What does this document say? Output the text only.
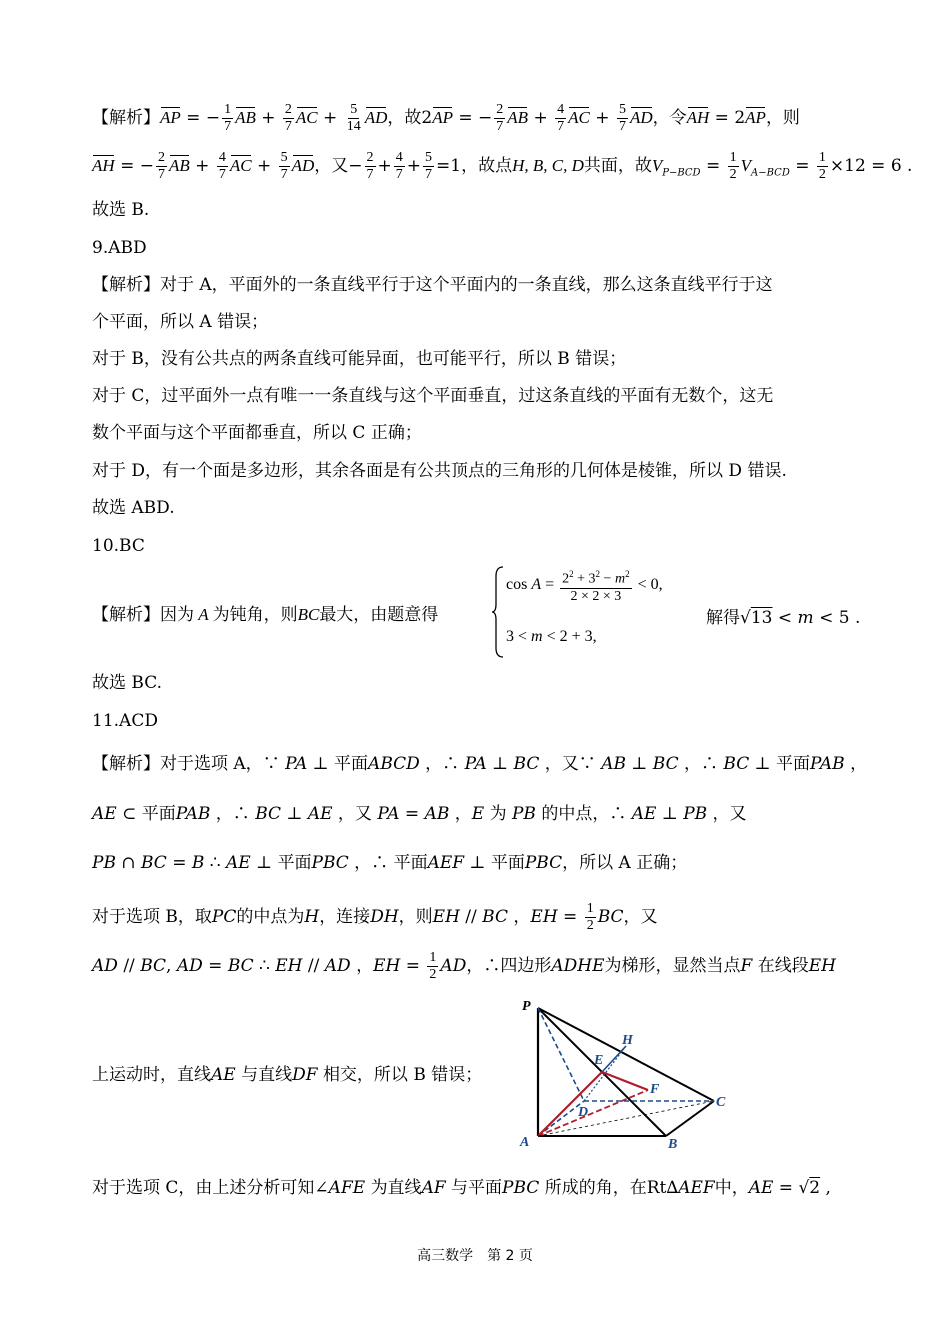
【解析】AP = − $\frac{1}{7}$ AB + $\frac{2}{7}$ AC + $\frac{5}{14}$ AD，故2AP = − $\frac{2}{7}$ AB + $\frac{4}{7}$ AC + $\frac{5}{7}$ AD，令AH = 2AP，则
AH = − $\frac{2}{7}$ AB + $\frac{4}{7}$ AC + $\frac{5}{7}$ AD，又− $\frac{2}{7} + \frac{4}{7} + \frac{5}{7} =1$，故点H, B, C, D共面，故$V_{P-BCD} = \frac{1}{2} V_{A-BCD} = \frac{1}{2} \times 12 = 6$ .
故选 B.
9.ABD
【解析】对于 A，平面外的一条直线平行于这个平面内的一条直线，那么这条直线平行于这
个平面，所以 A 错误；
对于 B，没有公共点的两条直线可能异面，也可能平行，所以 B 错误；
对于 C，过平面外一点有唯一一条直线与这个平面垂直，过这条直线的平面有无数个，这无
数个平面与这个平面都垂直，所以 C 正确；
对于 D，有一个面是多边形，其余各面是有公共顶点的三角形的几何体是棱锥，所以 D 错误.
故选 ABD.
10.BC
【解析】因为 A 为钝角，则BC最大，由题意得
$\cos A = \frac{2^2 + 3^2 - m^2}{2 \times 2 \times 3} < 0$,
3 < m < 2 + 3,
解得√13 < m < 5 .
故选 BC.
11.ACD
【解析】对于选项 A，∵ PA ⊥ 平面ABCD ，∴ PA ⊥ BC ，又∵ AB ⊥ BC ，∴ BC ⊥ 平面PAB ，
AE ⊂ 平面PAB ，∴ BC ⊥ AE ，又 PA = AB ，E 为 PB 的中点，∴ AE ⊥ PB ，又
PB ∩ BC = B ∴ AE ⊥ 平面PBC ，∴ 平面AEF ⊥ 平面PBC，所以 A 正确；
对于选项 B，取PC的中点为H，连接DH，则EH // BC ，EH = $\frac{1}{2}$ BC，又
AD // BC, AD = BC ∴ EH // AD ，EH = $\frac{1}{2}$ AD，∴四边形ADHE为梯形，显然当点F 在线段EH
上运动时，直线AE 与直线DF 相交，所以 B 错误；
P
H
E
F
D
C
A	B
对于选项 C，由上述分析可知∠AFE 为直线AF 与平面PBC 所成的角，在Rt∆AEF中，AE = √2 ,
高三数学　第 2 页
